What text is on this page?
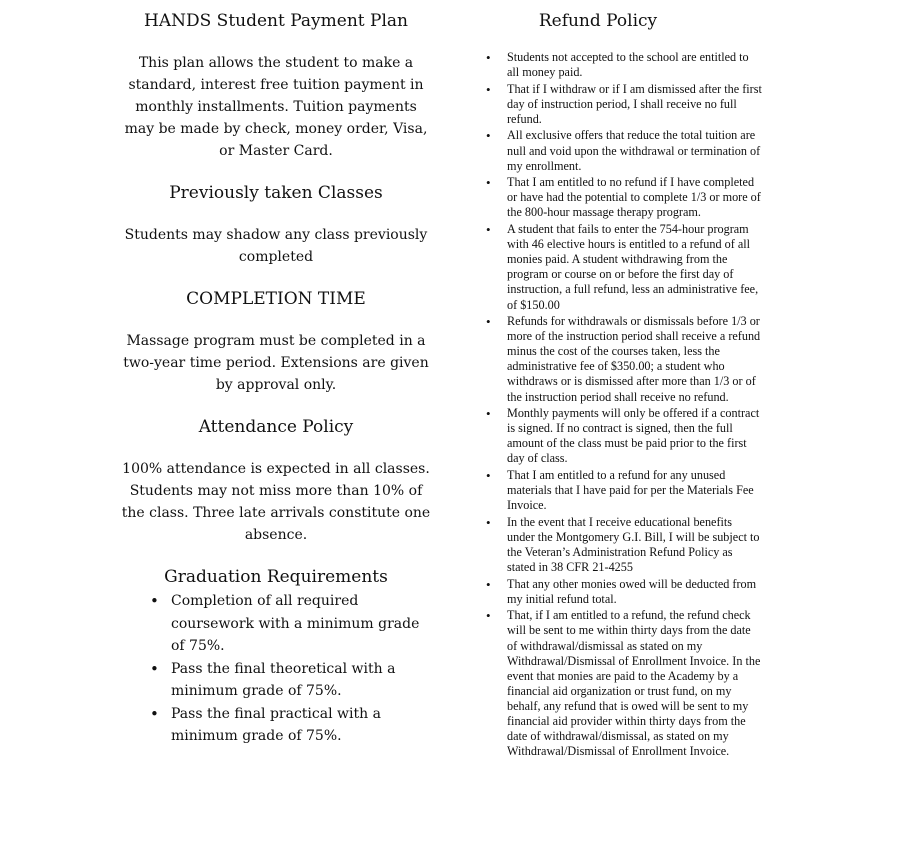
HANDS Student Payment Plan

This plan allows the student to make a standard, interest free tuition payment in monthly installments. Tuition payments may be made by check, money order, Visa, or Master Card.

Previously taken Classes

Students may shadow any class previously completed

COMPLETION TIME

Massage program must be completed in a two-year time period. Extensions are given by approval only.

Attendance Policy

100% attendance is expected in all classes. Students may not miss more than 10% of the class. Three late arrivals constitute one absence.

Graduation Requirements
• Completion of all required coursework with a minimum grade of 75%.
• Pass the final theoretical with a minimum grade of 75%.
• Pass the final practical with a minimum grade of 75%.
Refund Policy
• Students not accepted to the school are entitled to all money paid.
• That if I withdraw or if I am dismissed after the first day of instruction period, I shall receive no full refund.
• All exclusive offers that reduce the total tuition are null and void upon the withdrawal or termination of my enrollment.
• That I am entitled to no refund if I have completed or have had the potential to complete 1/3 or more of the 800-hour massage therapy program.
• A student that fails to enter the 754-hour program with 46 elective hours is entitled to a refund of all monies paid. A student withdrawing from the program or course on or before the first day of instruction, a full refund, less an administrative fee, of $150.00
• Refunds for withdrawals or dismissals before 1/3 or more of the instruction period shall receive a refund minus the cost of the courses taken, less the administrative fee of $350.00; a student who withdraws or is dismissed after more than 1/3 or of the instruction period shall receive no refund.
• Monthly payments will only be offered if a contract is signed. If no contract is signed, then the full amount of the class must be paid prior to the first day of class.
• That I am entitled to a refund for any unused materials that I have paid for per the Materials Fee Invoice.
• In the event that I receive educational benefits under the Montgomery G.I. Bill, I will be subject to the Veteran’s Administration Refund Policy as stated in 38 CFR 21-4255
• That any other monies owed will be deducted from my initial refund total.
• That, if I am entitled to a refund, the refund check will be sent to me within thirty days from the date of withdrawal/dismissal as stated on my Withdrawal/Dismissal of Enrollment Invoice. In the event that monies are paid to the Academy by a financial aid organization or trust fund, on my behalf, any refund that is owed will be sent to my financial aid provider within thirty days from the date of withdrawal/dismissal, as stated on my Withdrawal/Dismissal of Enrollment Invoice.
